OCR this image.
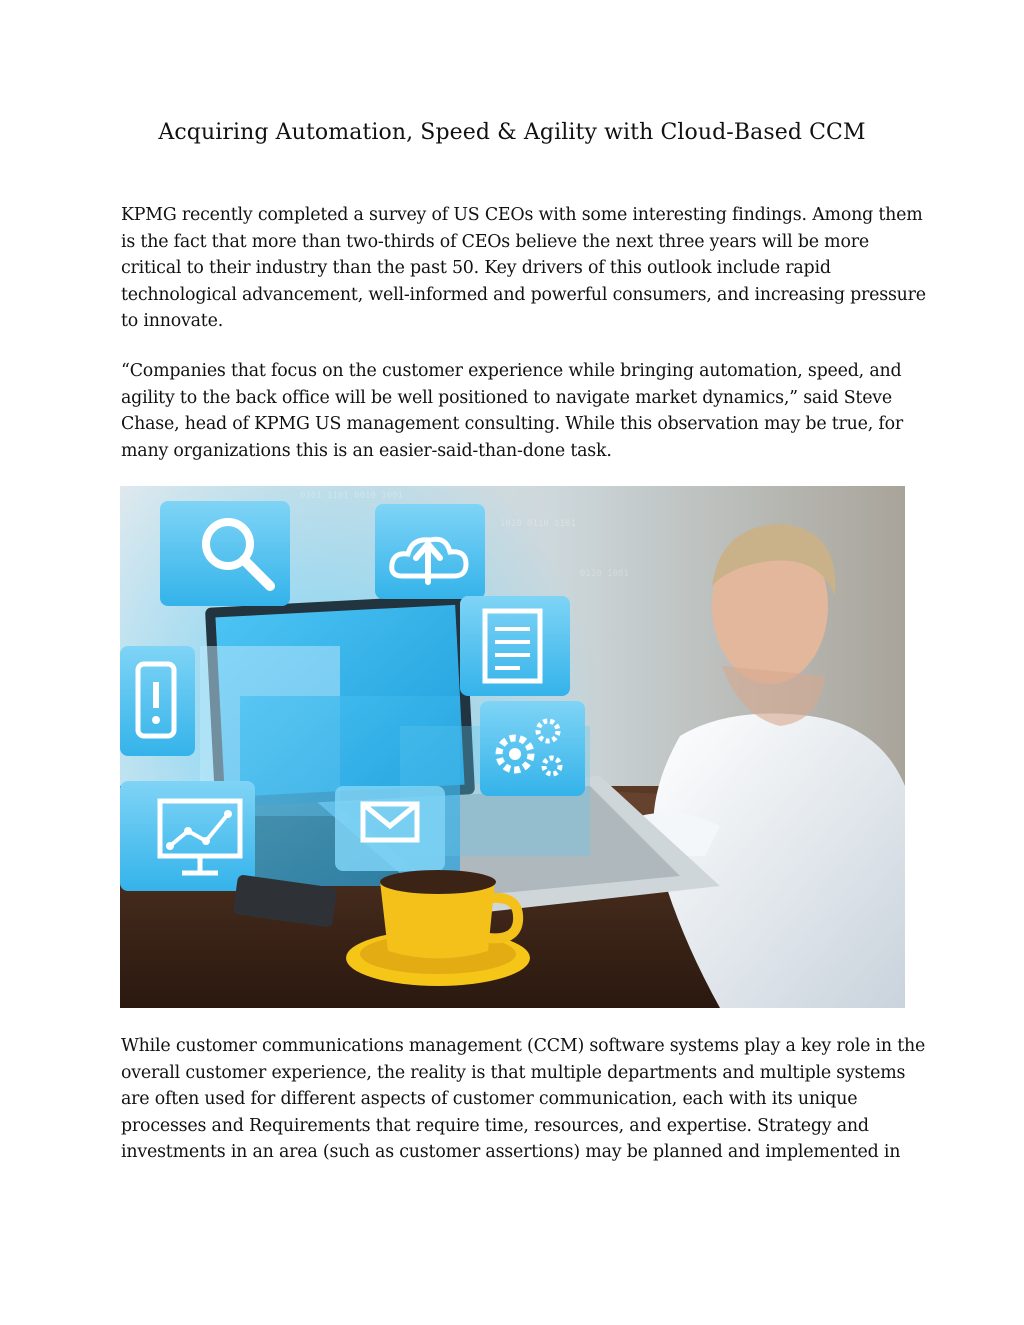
Acquiring Automation, Speed & Agility with Cloud-Based CCM
KPMG recently completed a survey of US CEOs with some interesting findings. Among them
is the fact that more than two-thirds of CEOs believe the next three years will be more
critical to their industry than the past 50. Key drivers of this outlook include rapid
technological advancement, well-informed and powerful consumers, and increasing pressure
to innovate.
“Companies that focus on the customer experience while bringing automation, speed, and
agility to the back office will be well positioned to navigate market dynamics,” said Steve
Chase, head of KPMG US management consulting. While this observation may be true, for
many organizations this is an easier-said-than-done task.
0101 1101 0010 1001
1010 0110 1101
0110 1001
While customer communications management (CCM) software systems play a key role in the
overall customer experience, the reality is that multiple departments and multiple systems
are often used for different aspects of customer communication, each with its unique
processes and Requirements that require time, resources, and expertise. Strategy and
investments in an area (such as customer assertions) may be planned and implemented in
